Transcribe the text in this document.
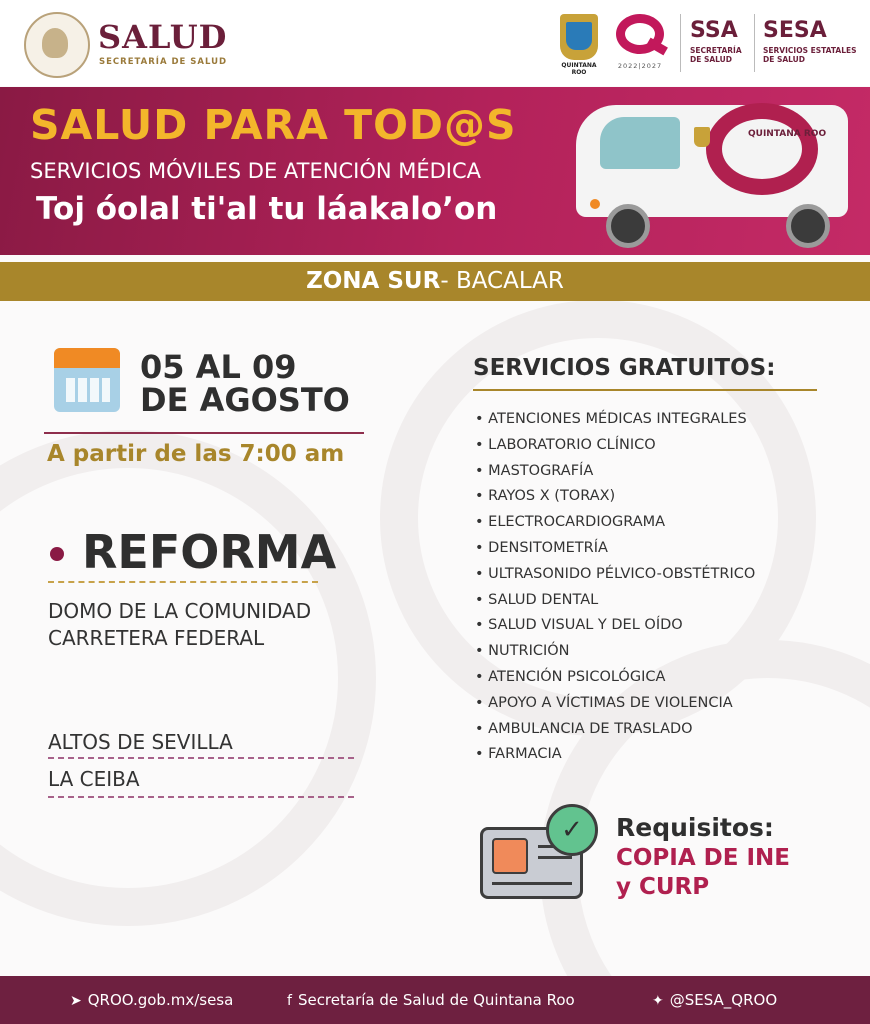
SALUD
SECRETARÍA DE SALUD	QUINTANA ROO
2022|2027
SSA
SECRETARÍA DE SALUD
SESA
SERVICIOS ESTATALES DE SALUD
SALUD PARA TOD@S
SERVICIOS MÓVILES DE ATENCIÓN MÉDICA
Toj óolal ti'al tu láakalo’on
QUINTANA ROO
ZONA SUR- BACALAR
05 AL 09
DE AGOSTO
A partir de las 7:00 am
REFORMA
DOMO DE LA COMUNIDAD
CARRETERA FEDERAL
ALTOS DE SEVILLA
LA CEIBA
SERVICIOS GRATUITOS:
• ATENCIONES MÉDICAS INTEGRALES
• LABORATORIO CLÍNICO
• MASTOGRAFÍA
• RAYOS X (TORAX)
• ELECTROCARDIOGRAMA
• DENSITOMETRÍA
• ULTRASONIDO PÉLVICO-OBSTÉTRICO
• SALUD DENTAL
• SALUD VISUAL Y DEL OÍDO
• NUTRICIÓN
• ATENCIÓN PSICOLÓGICA
• APOYO A VÍCTIMAS DE VIOLENCIA
• AMBULANCIA DE TRASLADO
• FARMACIA
✓	Requisitos:
COPIA DE INE
y CURP
➤ QROO.gob.mx/sesa	f Secretaría de Salud de Quintana Roo	✦ @SESA_QROO
